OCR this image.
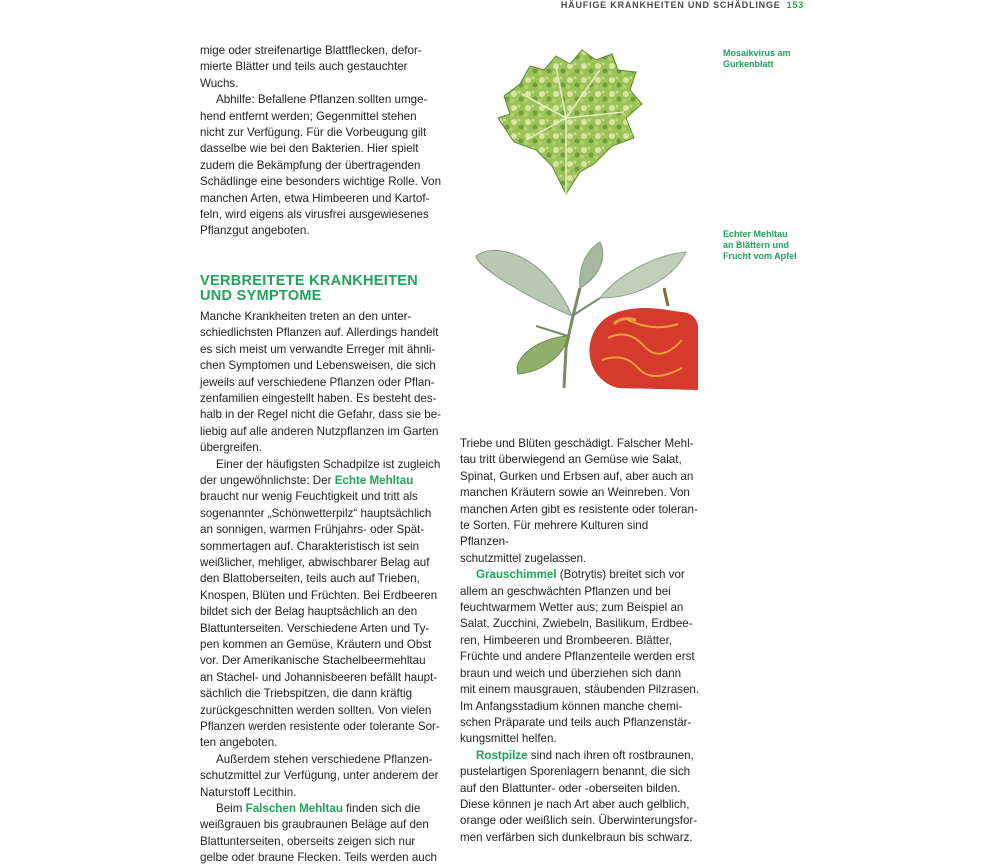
HÄUFIGE KRANKHEITEN UND SCHÄDLINGE 153

mige oder streifenartige Blattflecken, defor-
mierte Blätter und teils auch gestauchter
Wuchs.

Abhilfe: Befallene Pflanzen sollten umge-
hend entfernt werden; Gegenmittel stehen
nicht zur Verfügung. Für die Vorbeugung gilt
dasselbe wie bei den Bakterien. Hier spielt
zudem die Bekämpfung der übertragenden
Schädlinge eine besonders wichtige Rolle. Von
manchen Arten, etwa Himbeeren und Kartof-
feln, wird eigens als virusfrei ausgewiesenes
Pflanzgut angeboten.

VERBREITETE KRANKHEITEN
UND SYMPTOME

Manche Krankheiten treten an den unter-
schiedlichsten Pflanzen auf. Allerdings handelt
es sich meist um verwandte Erreger mit ähnli-
chen Symptomen und Lebensweisen, die sich
jeweils auf verschiedene Pflanzen oder Pflan-
zenfamilien eingestellt haben. Es besteht des-
halb in der Regel nicht die Gefahr, dass sie be-
liebig auf alle anderen Nutzpflanzen im Garten
übergreifen.

Einer der häufigsten Schadpilze ist zugleich
der ungewöhnlichste: Der Echte Mehltau
braucht nur wenig Feuchtigkeit und tritt als
sogenannter „Schönwetterpilz“ hauptsächlich
an sonnigen, warmen Frühjahrs- oder Spät-
sommertagen auf. Charakteristisch ist sein
weißlicher, mehliger, abwischbarer Belag auf
den Blattoberseiten, teils auch auf Trieben,
Knospen, Blüten und Früchten. Bei Erdbeeren
bildet sich der Belag hauptsächlich an den
Blattunterseiten. Verschiedene Arten und Ty-
pen kommen an Gemüse, Kräutern und Obst
vor. Der Amerikanische Stachelbeermehltau
an Stachel- und Johannisbeeren befällt haupt-
sächlich die Triebspitzen, die dann kräftig
zurückgeschnitten werden sollten. Von vielen
Pflanzen werden resistente oder tolerante Sor-
ten angeboten.

Außerdem stehen verschiedene Pflanzen-
schutzmittel zur Verfügung, unter anderem der
Naturstoff Lecithin.

Beim Falschen Mehltau finden sich die
weißgrauen bis graubraunen Beläge auf den
Blattunterseiten, oberseits zeigen sich nur
gelbe oder braune Flecken. Teils werden auch

Mosaikvirus am
Gurkenblatt

Echter Mehltau
an Blättern und
Frucht vom Apfel

Triebe und Blüten geschädigt. Falscher Mehl-
tau tritt überwiegend an Gemüse wie Salat,
Spinat, Gurken und Erbsen auf, aber auch an
manchen Kräutern sowie an Weinreben. Von
manchen Arten gibt es resistente oder toleran-
te Sorten. Für mehrere Kulturen sind Pflanzen-
schutzmittel zugelassen.

Grauschimmel (Botrytis) breitet sich vor
allem an geschwächten Pflanzen und bei
feuchtwarmem Wetter aus; zum Beispiel an
Salat, Zucchini, Zwiebeln, Basilikum, Erdbee-
ren, Himbeeren und Brombeeren. Blätter,
Früchte und andere Pflanzenteile werden erst
braun und weich und überziehen sich dann
mit einem mausgrauen, stäubenden Pilzrasen.
Im Anfangsstadium können manche chemi-
schen Präparate und teils auch Pflanzenstär-
kungsmittel helfen.

Rostpilze sind nach ihren oft rostbraunen,
pustelartigen Sporenlagern benannt, die sich
auf den Blattunter- oder -oberseiten bilden.
Diese können je nach Art aber auch gelblich,
orange oder weißlich sein. Überwinterungsfor-
men verfärben sich dunkelbraun bis schwarz.
